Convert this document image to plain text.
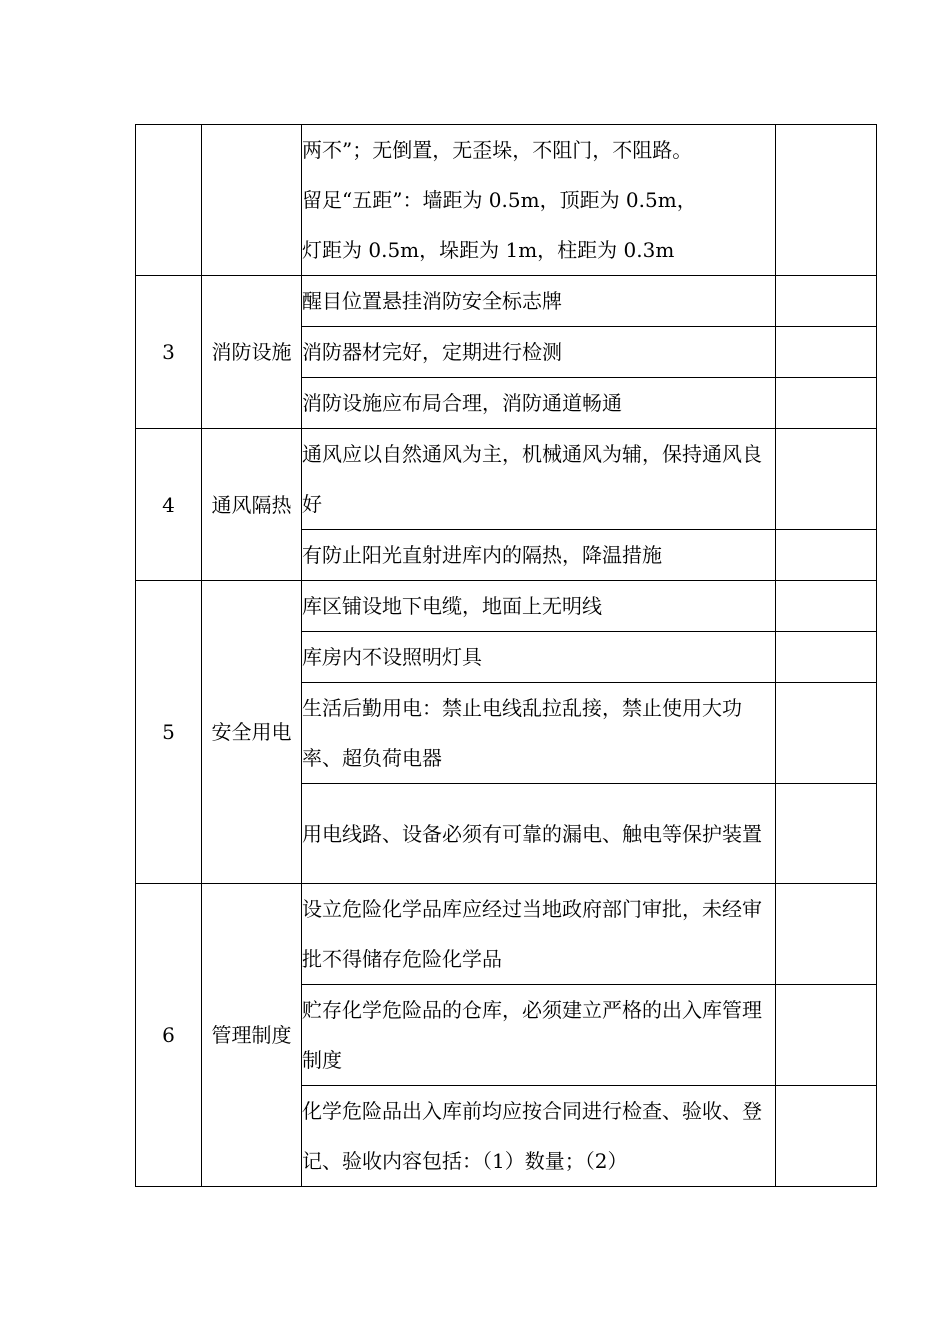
		两不”；无倒置，无歪垛，不阻门，不阻路。
留足“五距”：墙距为 0.5m，顶距为 0.5m，
灯距为 0.5m，垛距为 1m，柱距为 0.3m	

3	消防设施	醒目位置悬挂消防安全标志牌	
		消防器材完好，定期进行检测	
		消防设施应布局合理，消防通道畅通	
4	通风隔热	通风应以自然通风为主，机械通风为辅，保持通风良好	
		有防止阳光直射进库内的隔热，降温措施	
5	安全用电	库区铺设地下电缆，地面上无明线	
		库房内不设照明灯具	
		生活后勤用电：禁止电线乱拉乱接，禁止使用大功率、超负荷电器	
		用电线路、设备必须有可靠的漏电、触电等保护装置	
6	管理制度	设立危险化学品库应经过当地政府部门审批，未经审批不得储存危险化学品	
		贮存化学危险品的仓库，必须建立严格的出入库管理制度	
		化学危险品出入库前均应按合同进行检查、验收、登记、验收内容包括：（1）数量；（2）	
